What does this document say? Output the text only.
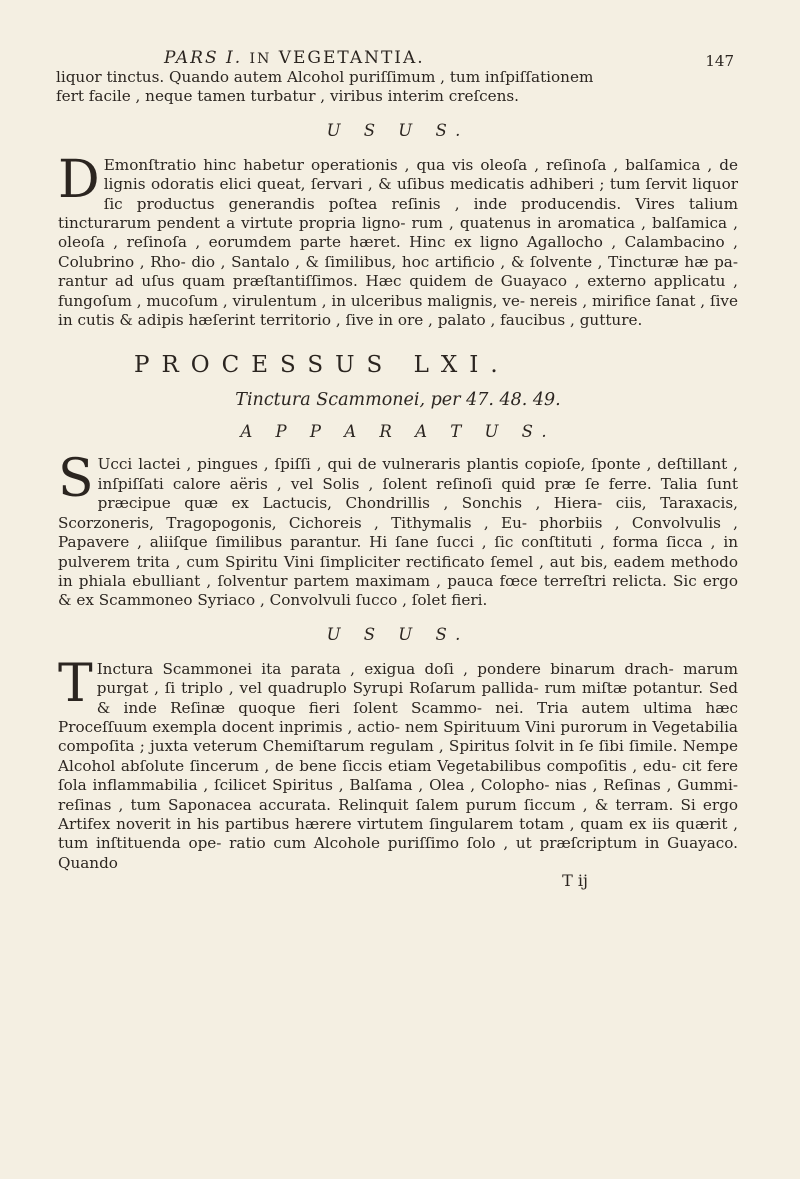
PARS I. IN VEGETANTIA.	147

liquor tinctus. Quando autem Alcohol puriſſimum , tum inſpiſſationem

fert facile , neque tamen turbatur , viribus interim creſcens.

U S U S.
D Emonſtratio hinc habetur operationis , qua vis oleoſa , reſinoſa , balſamica , de lignis odoratis elici queat, ſervari , & uſibus medicatis adhiberi ; tum ſervit liquor ſic productus generandis poſtea reſinis , inde producendis. Vires talium tincturarum pendent a virtute propria ligno- rum , quatenus in aromatica , balſamica , oleoſa , reſinoſa , eorumdem parte hæret. Hinc ex ligno Agallocho , Calambacino , Colubrino , Rho- dio , Santalo , & ſimilibus, hoc artificio , & ſolvente , Tincturæ hæ pa- rantur ad uſus quam præſtantiſſimos. Hæc quidem de Guayaco , externo applicatu , fungoſum , mucoſum , virulentum , in ulceribus malignis, ve- nereis , mirifice ſanat , ſive in cutis & adipis hæſerint territorio , ſive in ore , palato , faucibus , gutture.

PROCESSUS LXI.
Tinctura Scammonei, per 47. 48. 49.
A P P A R A T U S.
S Ucci lactei , pingues , ſpiſſi , qui de vulneraris plantis copioſe, ſponte , deſtillant , inſpiſſati calore aëris , vel Solis , ſolent reſinoſi quid præ ſe ferre. Talia ſunt præcipue quæ ex Lactucis, Chondrillis , Sonchis , Hiera- ciis, Taraxacis, Scorzoneris, Tragopogonis, Cichoreis , Tithymalis , Eu- phorbiis , Convolvulis , Papavere , aliiſque ſimilibus parantur. Hi ſane ſucci , ſic conſtituti , forma ſicca , in pulverem trita , cum Spiritu Vini ſimpliciter rectificato ſemel , aut bis, eadem methodo in phiala ebulliant , ſolventur partem maximam , pauca fœce terreſtri relicta. Sic ergo & ex Scammoneo Syriaco , Convolvuli ſucco , ſolet fieri.

U S U S.
T Inctura Scammonei ita parata , exigua doſi , pondere binarum drach- marum purgat , ſi triplo , vel quadruplo Syrupi Roſarum pallida- rum miſtæ potantur. Sed & inde Reſinæ quoque fieri ſolent Scammo- nei. Tria autem ultima hæc Proceſſuum exempla docent inprimis , actio- nem Spirituum Vini purorum in Vegetabilia compoſita ; juxta veterum Chemiſtarum regulam , Spiritus ſolvit in ſe ſibi ſimile. Nempe Alcohol abſolute ſincerum , de bene ſiccis etiam Vegetabilibus compoſitis , edu- cit fere ſola inflammabilia , ſcilicet Spiritus , Balſama , Olea , Colopho- nias , Reſinas , Gummi-reſinas , tum Saponacea accurata. Relinquit ſalem purum ſiccum , & terram. Si ergo Artifex noverit in his partibus hærere virtutem ſingularem totam , quam ex iis quærit , tum inſtituenda ope- ratio cum Alcohole puriſſimo ſolo , ut præſcriptum in Guayaco. Quando

T ij
